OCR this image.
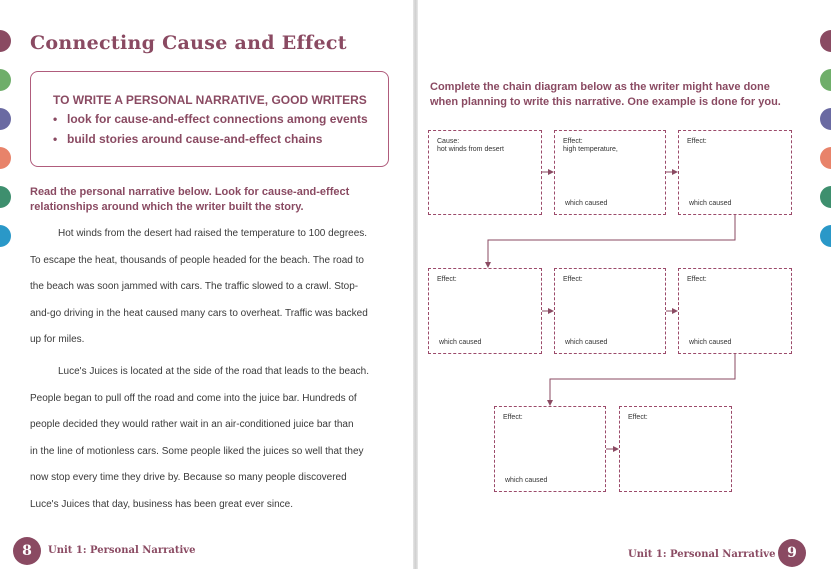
Connecting Cause and Effect
TO WRITE A PERSONAL NARRATIVE, GOOD WRITERS
• look for cause-and-effect connections among events
• build stories around cause-and-effect chains
Read the personal narrative below. Look for cause-and-effect
relationships around which the writer built the story.

Hot winds from the desert had raised the temperature to 100 degrees.

To escape the heat, thousands of people headed for the beach. The road to

the beach was soon jammed with cars. The traffic slowed to a crawl. Stop-

and-go driving in the heat caused many cars to overheat. Traffic was backed

up for miles.

Luce's Juices is located at the side of the road that leads to the beach.

People began to pull off the road and come into the juice bar. Hundreds of

people decided they would rather wait in an air-conditioned juice bar than

in the line of motionless cars. Some people liked the juices so well that they

now stop every time they drive by. Because so many people discovered

Luce's Juices that day, business has been great ever since.

8	Unit 1: Personal Narrative
Complete the chain diagram below as the writer might have done
when planning to write this narrative. One example is done for you.
Cause:
hot winds from desert
Effect:
high temperature,
which caused
Effect:
which caused
Effect:
which caused
Effect:
which caused
Effect:
which caused
Effect:
which caused
Effect:
Unit 1: Personal Narrative 9
